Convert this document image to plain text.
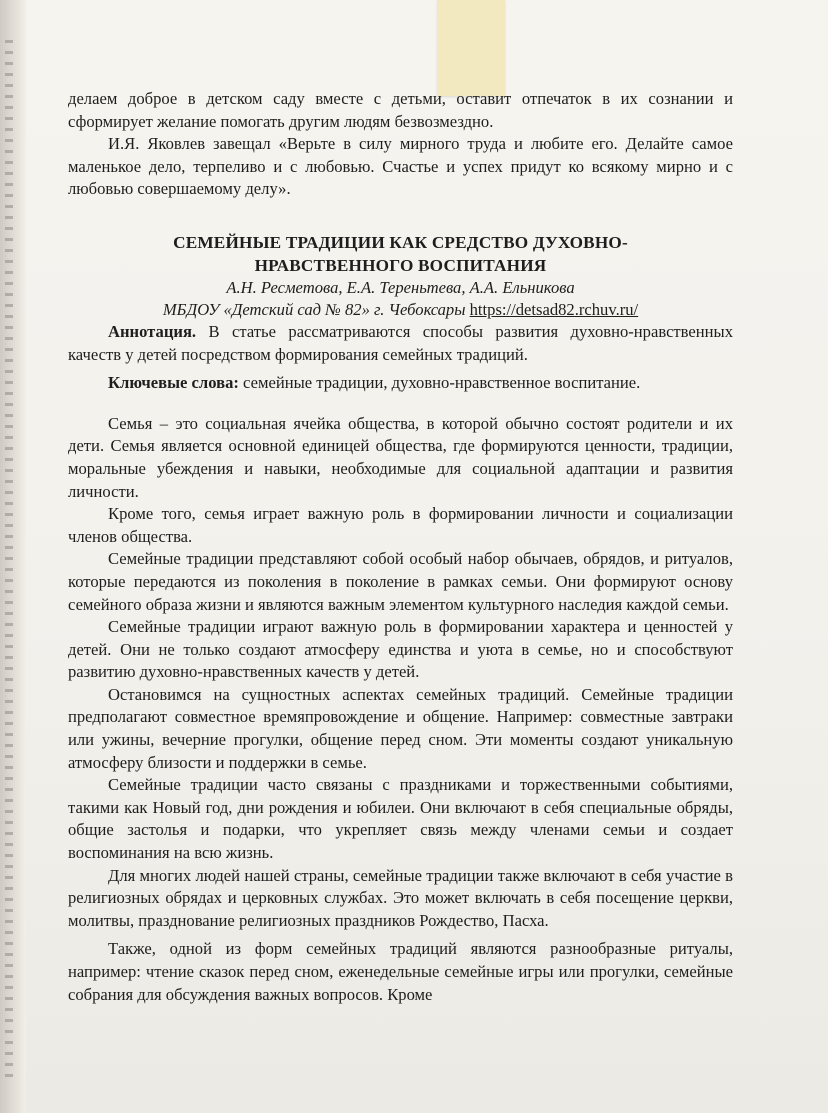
делаем доброе в детском саду вместе с детьми, оставит отпечаток в их сознании и сформирует желание помогать другим людям безвозмездно.

И.Я. Яковлев завещал «Верьте в силу мирного труда и любите его. Делайте самое маленькое дело, терпеливо и с любовью. Счастье и успех придут ко всякому мирно и с любовью совершаемому делу».

СЕМЕЙНЫЕ ТРАДИЦИИ КАК СРЕДСТВО ДУХОВНО-
НРАВСТВЕННОГО ВОСПИТАНИЯ

А.Н. Ресметова, Е.А. Тереньтева, А.А. Ельникова

МБДОУ «Детский сад № 82» г. Чебоксары https://detsad82.rchuv.ru/

Аннотация. В статье рассматриваются способы развития духовно-нравственных качеств у детей посредством формирования семейных традиций.

Ключевые слова: семейные традиции, духовно-нравственное воспитание.

Семья – это социальная ячейка общества, в которой обычно состоят родители и их дети. Семья является основной единицей общества, где формируются ценности, традиции, моральные убеждения и навыки, необходимые для социальной адаптации и развития личности.

Кроме того, семья играет важную роль в формировании личности и социализации членов общества.

Семейные традиции представляют собой особый набор обычаев, обрядов, и ритуалов, которые передаются из поколения в поколение в рамках семьи. Они формируют основу семейного образа жизни и являются важным элементом культурного наследия каждой семьи.

Семейные традиции играют важную роль в формировании характера и ценностей у детей. Они не только создают атмосферу единства и уюта в семье, но и способствуют развитию духовно-нравственных качеств у детей.

Остановимся на сущностных аспектах семейных традиций. Семейные традиции предполагают совместное времяпровождение и общение. Например: совместные завтраки или ужины, вечерние прогулки, общение перед сном. Эти моменты создают уникальную атмосферу близости и поддержки в семье.

Семейные традиции часто связаны с праздниками и торжественными событиями, такими как Новый год, дни рождения и юбилеи. Они включают в себя специальные обряды, общие застолья и подарки, что укрепляет связь между членами семьи и создает воспоминания на всю жизнь.

Для многих людей нашей страны, семейные традиции также включают в себя участие в религиозных обрядах и церковных службах. Это может включать в себя посещение церкви, молитвы, празднование религиозных праздников Рождество, Пасха.

Также, одной из форм семейных традиций являются разнообразные ритуалы, например: чтение сказок перед сном, еженедельные семейные игры или прогулки, семейные собрания для обсуждения важных вопросов. Кроме
